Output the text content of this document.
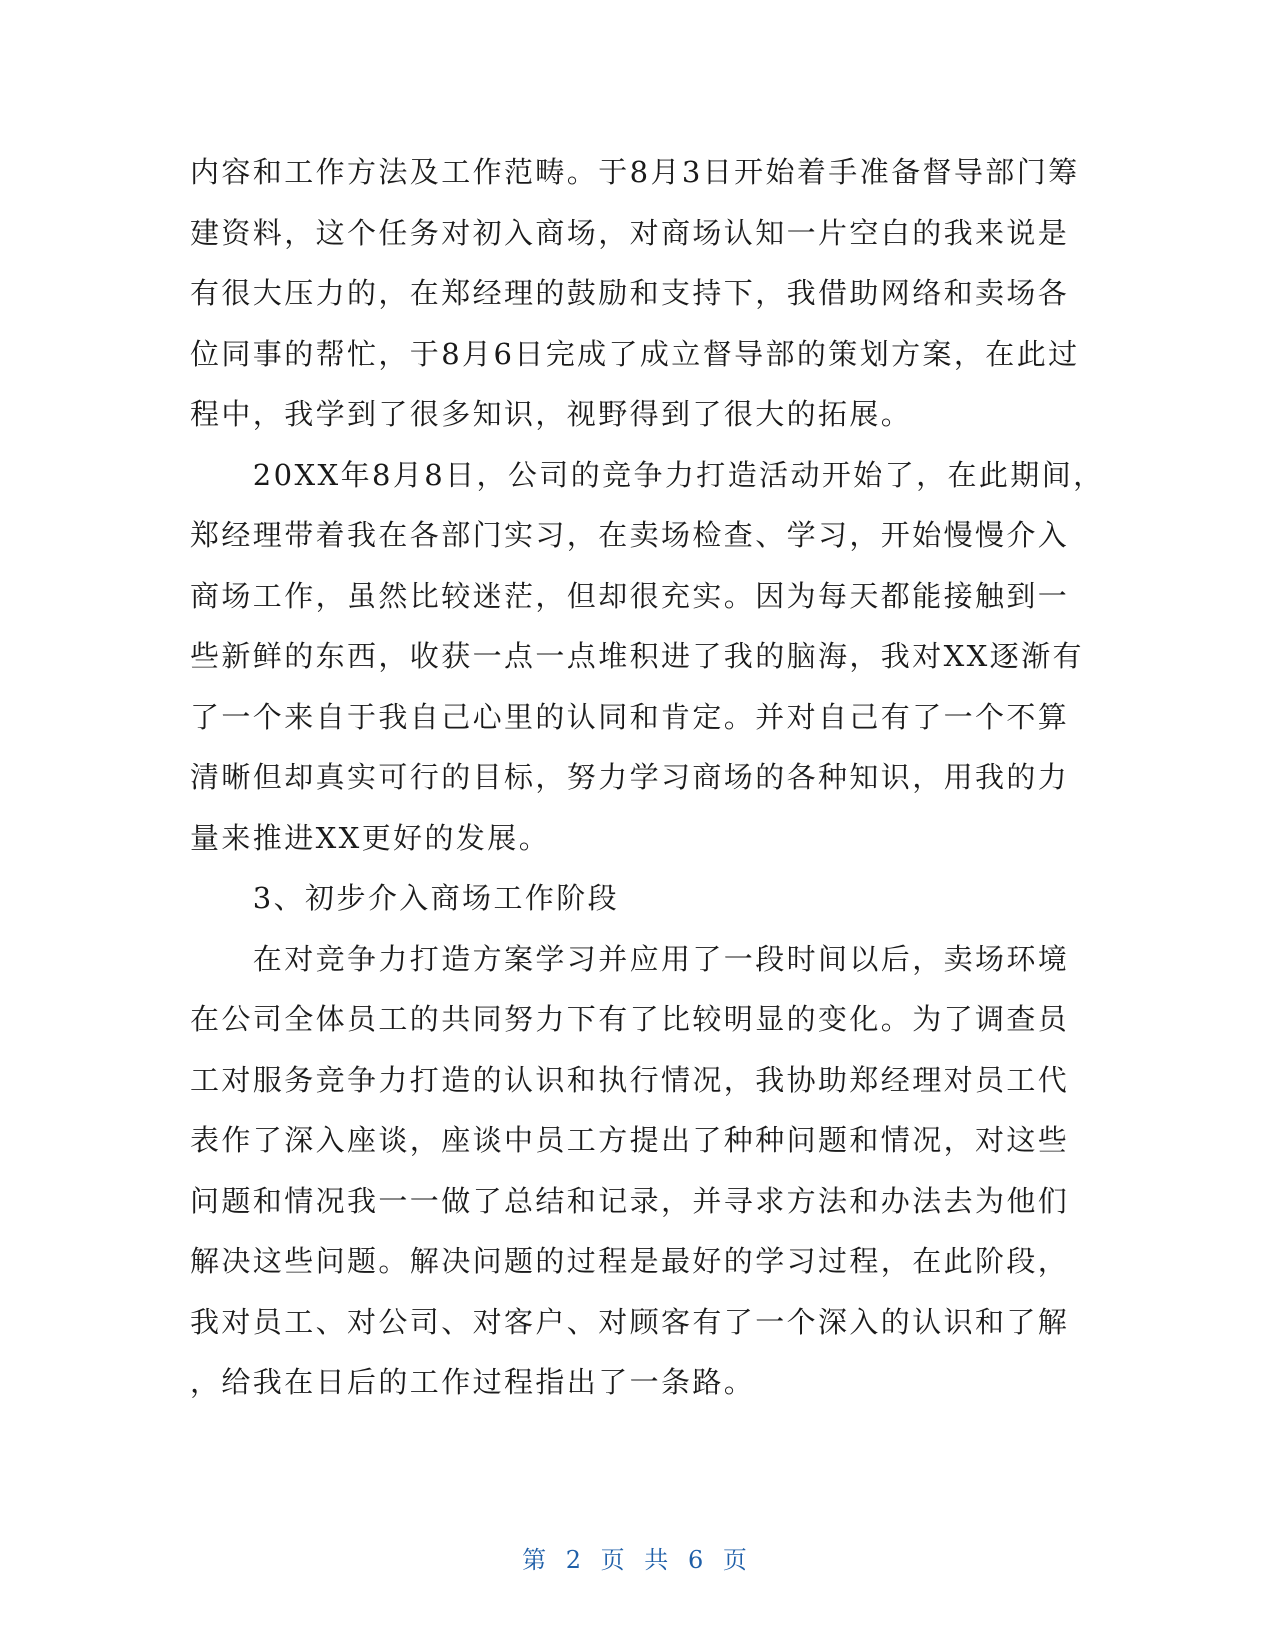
内容和工作方法及工作范畴。于8月3日开始着手准备督导部门筹
建资料，这个任务对初入商场，对商场认知一片空白的我来说是
有很大压力的，在郑经理的鼓励和支持下，我借助网络和卖场各
位同事的帮忙，于8月6日完成了成立督导部的策划方案，在此过
程中，我学到了很多知识，视野得到了很大的拓展。
　　20XX年8月8日，公司的竞争力打造活动开始了，在此期间，
郑经理带着我在各部门实习，在卖场检查、学习，开始慢慢介入
商场工作，虽然比较迷茫，但却很充实。因为每天都能接触到一
些新鲜的东西，收获一点一点堆积进了我的脑海，我对XX逐渐有
了一个来自于我自己心里的认同和肯定。并对自己有了一个不算
清晰但却真实可行的目标，努力学习商场的各种知识，用我的力
量来推进XX更好的发展。
　　3、初步介入商场工作阶段
　　在对竞争力打造方案学习并应用了一段时间以后，卖场环境
在公司全体员工的共同努力下有了比较明显的变化。为了调查员
工对服务竞争力打造的认识和执行情况，我协助郑经理对员工代
表作了深入座谈，座谈中员工方提出了种种问题和情况，对这些
问题和情况我一一做了总结和记录，并寻求方法和办法去为他们
解决这些问题。解决问题的过程是最好的学习过程，在此阶段，
我对员工、对公司、对客户、对顾客有了一个深入的认识和了解
，给我在日后的工作过程指出了一条路。
第 2 页 共 6 页
